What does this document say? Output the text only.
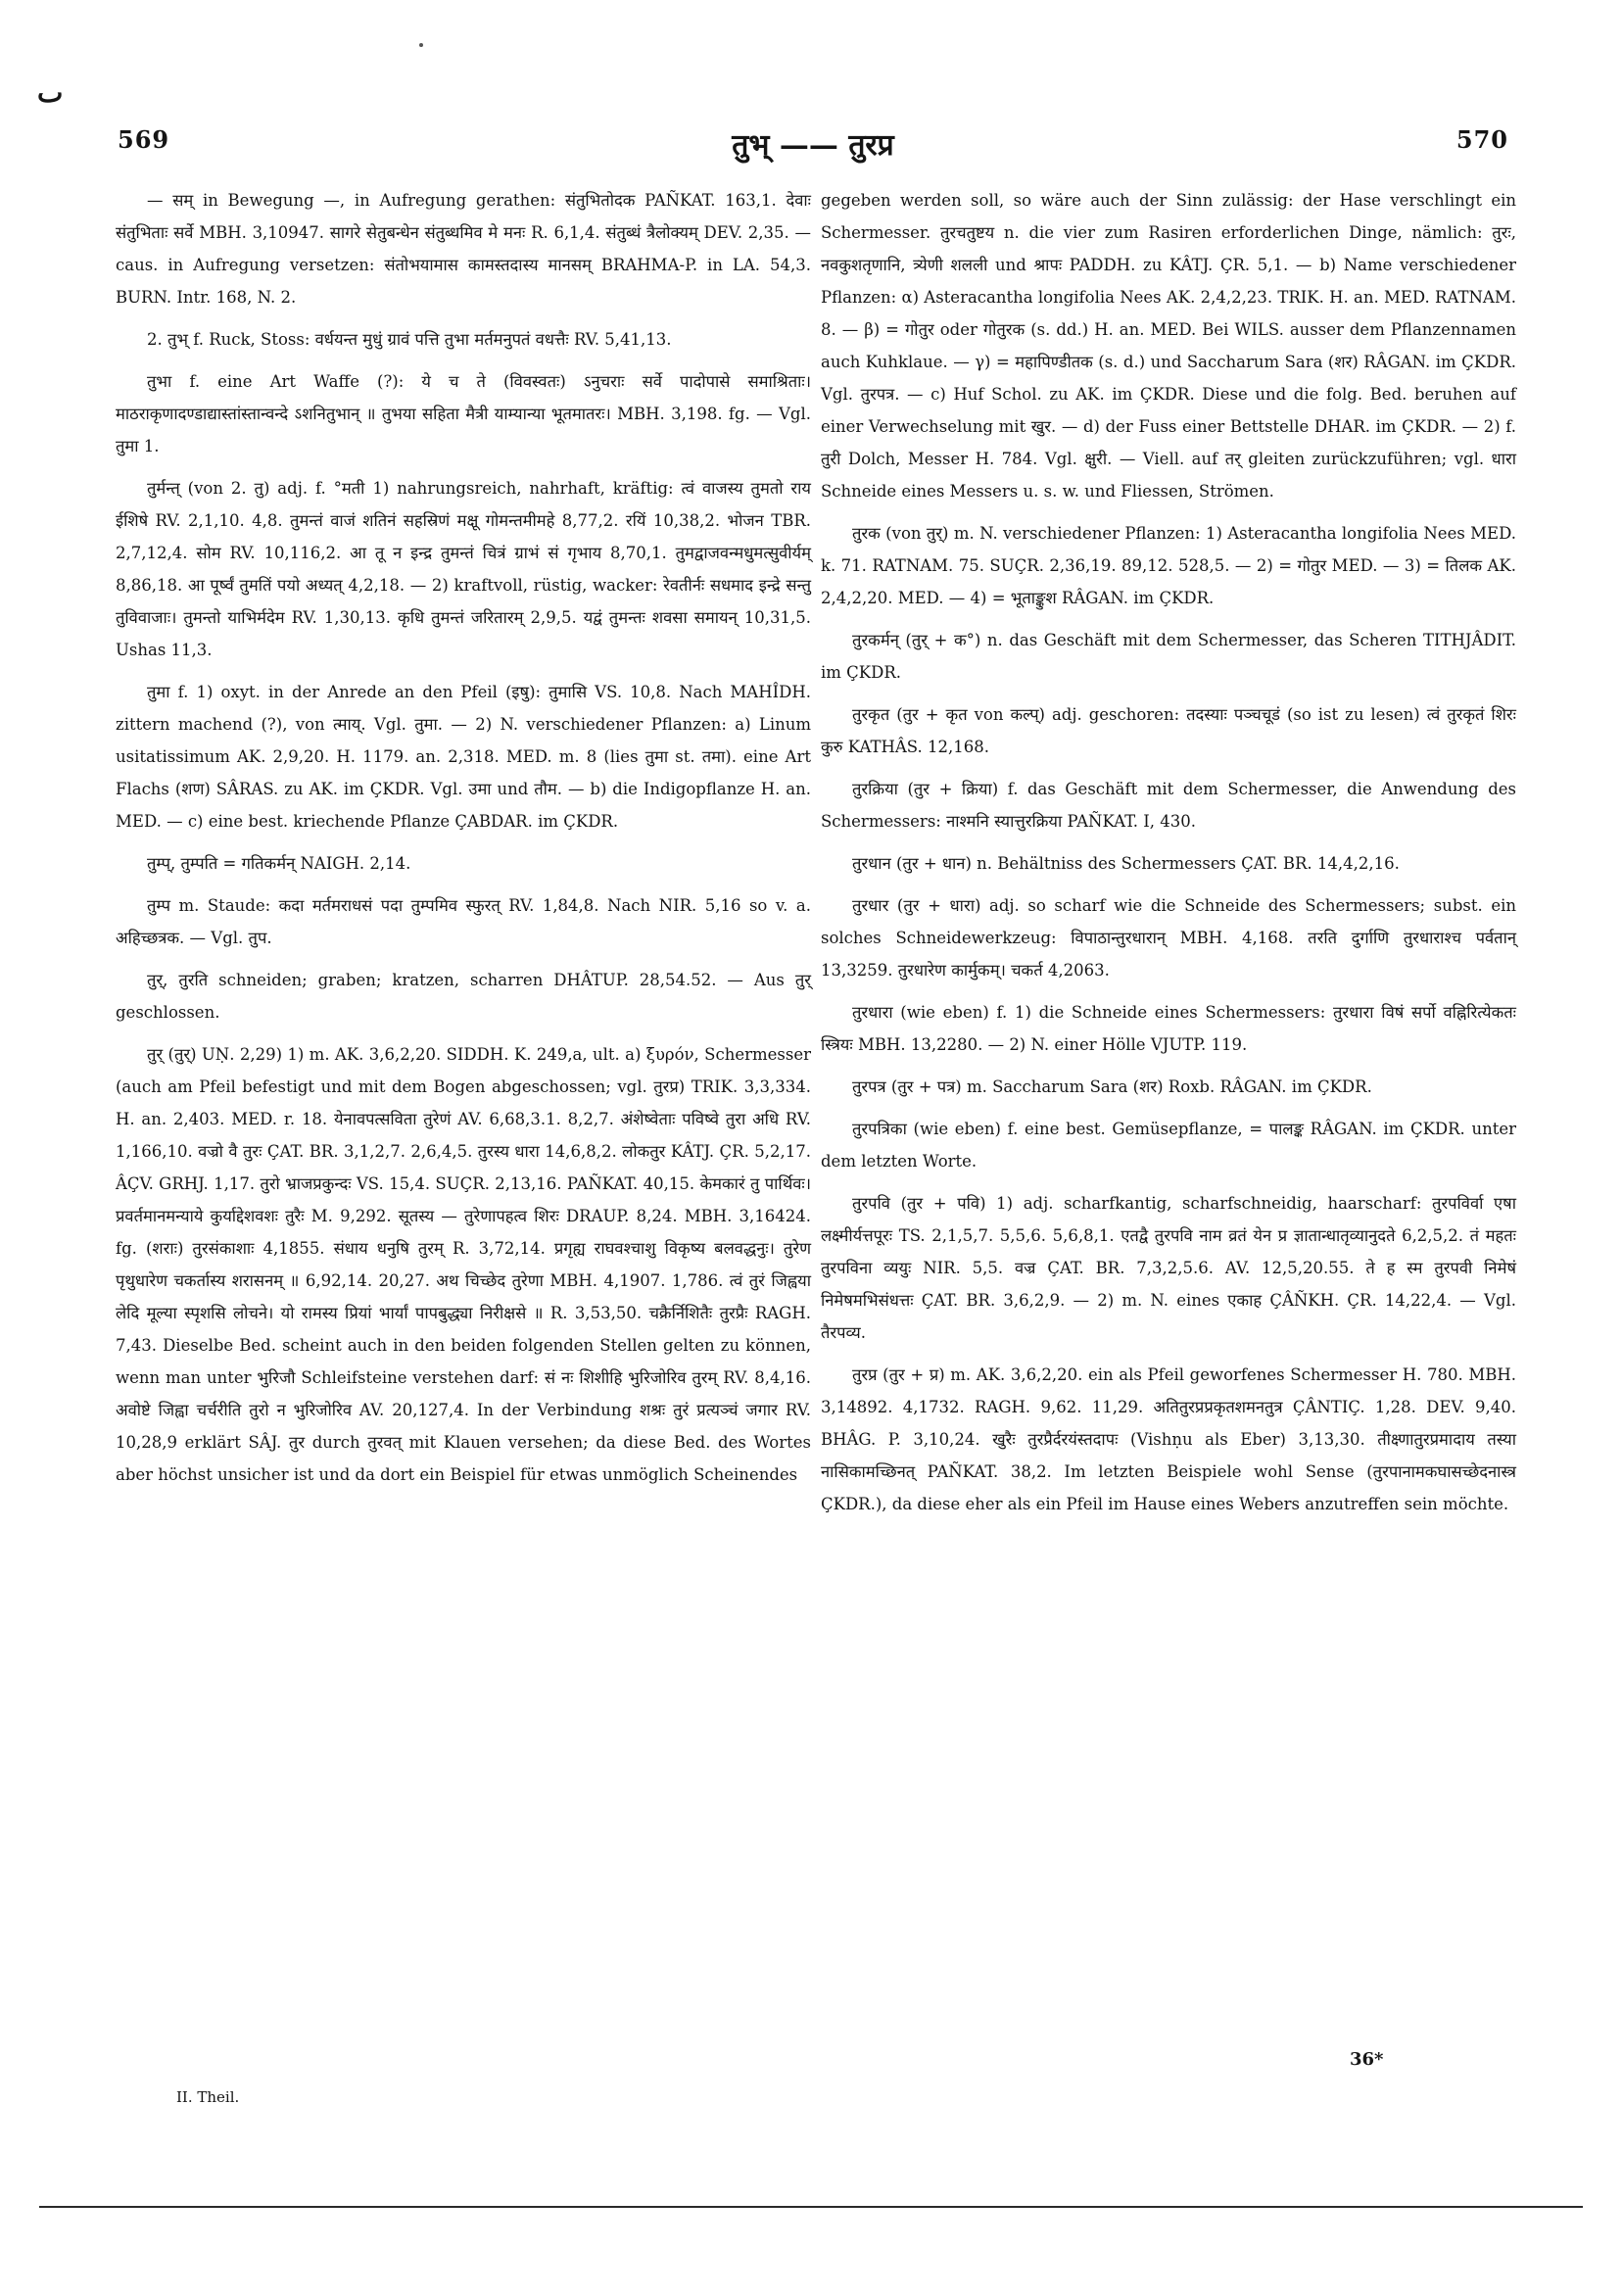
ٮ
569	तुभ् —— तुरप्र	570

— सम् in Bewegung —, in Aufregung gerathen: संतुभितोदक PAÑKAT. 163,1. देवाः संतुभिताः सर्वे MBH. 3,10947. सागरे सेतुबन्धेन संतुब्धमिव मे मनः R. 6,1,4. संतुब्धं त्रैलोक्यम् DEV. 2,35. — caus. in Aufregung versetzen: संतोभयामास कामस्तदास्य मानसम् BRAHMA-P. in LA. 54,3. BURN. Intr. 168, N. 2.

2. तुभ् f. Ruck, Stoss: वर्धयन्त मुधुं ग्रावं पत्ति तुभा मर्तमनुपतं वधत्तैः RV. 5,41,13.

तुभा f. eine Art Waffe (?): ये च ते (विवस्वतः) ऽनुचराः सर्वे पादोपासे समाश्रिताः। माठराकृणादण्डाद्यास्तांस्तान्वन्दे ऽशनितुभान् ॥ तुभया सहिता मैत्री याम्यान्या भूतमातरः। MBH. 3,198. fg. — Vgl. तुमा 1.

तुर्मन्त् (von 2. तु) adj. f. °मती 1) nahrungsreich, nahrhaft, kräftig: त्वं वाजस्य तुमतो राय ईशिषे RV. 2,1,10. 4,8. तुमन्तं वाजं शतिनं सहस्रिणं मक्षू गोमन्तमीमहे 8,77,2. रयिं 10,38,2. भोजन TBR. 2,7,12,4. सोम RV. 10,116,2. आ तू न इन्द्र तुमन्तं चित्रं ग्राभं सं गृभाय 8,70,1. तुमद्वाजवन्मधुमत्सुवीर्यम् 8,86,18. आ पूर्ष्वं तुमतिं पयो अध्यत् 4,2,18. — 2) kraftvoll, rüstig, wacker: रेवतीर्नः सधमाद इन्द्रे सन्तु तुविवाजाः। तुमन्तो याभिर्मदेम RV. 1,30,13. कृधि तुमन्तं जरितारम् 2,9,5. यद्वं तुमन्तः शवसा समायन् 10,31,5. Ushas 11,3.

तुमा f. 1) oxyt. in der Anrede an den Pfeil (इषु): तुमासि VS. 10,8. Nach MAHÎDH. zittern machend (?), von त्माय्. Vgl. तुमा. — 2) N. verschiedener Pflanzen: a) Linum usitatissimum AK. 2,9,20. H. 1179. an. 2,318. MED. m. 8 (lies तुमा st. तमा). eine Art Flachs (शण) SÂRAS. zu AK. im ÇKDR. Vgl. उमा und तौम. — b) die Indigopflanze H. an. MED. — c) eine best. kriechende Pflanze ÇABDAR. im ÇKDR.

तुम्प्, तुम्पति = गतिकर्मन् NAIGH. 2,14.

तुम्प m. Staude: कदा मर्तमराधसं पदा तुम्पमिव स्फुरत् RV. 1,84,8. Nach NIR. 5,16 so v. a. अहिच्छत्रक. — Vgl. तुप.

तुर्, तुरति schneiden; graben; kratzen, scharren DHÂTUP. 28,54.52. — Aus तुर् geschlossen.

तुर् (तुर्) UṆ. 2,29) 1) m. AK. 3,6,2,20. SIDDH. K. 249,a, ult. a) ξυρόν, Schermesser (auch am Pfeil befestigt und mit dem Bogen abgeschossen; vgl. तुरप्र) TRIK. 3,3,334. H. an. 2,403. MED. r. 18. येनावपत्सविता तुरेणं AV. 6,68,3.1. 8,2,7. अंशेष्वेताः पविष्वे तुरा अधि RV. 1,166,10. वज्रो वै तुरः ÇAT. BR. 3,1,2,7. 2,6,4,5. तुरस्य धारा 14,6,8,2. लोकतुर KÂTJ. ÇR. 5,2,17. ÂÇV. GRHJ. 1,17. तुरो भ्राजप्रकुन्दः VS. 15,4. SUÇR. 2,13,16. PAÑKAT. 40,15. केमकारं तु पार्थिवः। प्रवर्तमानमन्याये कुर्याद्देशवशः तुरैः M. 9,292. सूतस्य — तुरेणापहत्व शिरः DRAUP. 8,24. MBH. 3,16424. fg. (शराः) तुरसंकाशाः 4,1855. संधाय धनुषि तुरम् R. 3,72,14. प्रगृह्य राघवश्चाशु विकृष्य बलवद्धनुः। तुरेण पृथुधारेण चकर्तास्य शरासनम् ॥ 6,92,14. 20,27. अथ चिच्छेद तुरेणा MBH. 4,1907. 1,786. त्वं तुरं जिह्वया लेदि मूल्या स्पृशसि लोचने। यो रामस्य प्रियां भार्यां पापबुद्ध्या निरीक्षसे ॥ R. 3,53,50. चक्रैर्निशितैः तुरप्रैः RAGH. 7,43. Dieselbe Bed. scheint auch in den beiden folgenden Stellen gelten zu können, wenn man unter भुरिजौ Schleifsteine verstehen darf: सं नः शिशीहि भुरिजोरिव तुरम् RV. 8,4,16. अवोष्टे जिह्वा चर्चरीति तुरो न भुरिजोरिव AV. 20,127,4. In der Verbindung शश्रः तुरं प्रत्यञ्चं जगार RV. 10,28,9 erklärt SÂJ. तुर durch तुरवत् mit Klauen versehen; da diese Bed. des Wortes aber höchst unsicher ist und da dort ein Beispiel für etwas unmöglich Scheinendes

gegeben werden soll, so wäre auch der Sinn zulässig: der Hase verschlingt ein Schermesser. तुरचतुष्टय n. die vier zum Rasiren erforderlichen Dinge, nämlich: तुरः, नवकुशतृणानि, त्र्येणी शलली und श्रापः PADDH. zu KÂTJ. ÇR. 5,1. — b) Name verschiedener Pflanzen: α) Asteracantha longifolia Nees AK. 2,4,2,23. TRIK. H. an. MED. RATNAM. 8. — β) = गोतुर oder गोतुरक (s. dd.) H. an. MED. Bei WILS. ausser dem Pflanzennamen auch Kuhklaue. — γ) = महापिण्डीतक (s. d.) und Saccharum Sara (शर) RÂGAN. im ÇKDR. Vgl. तुरपत्र. — c) Huf Schol. zu AK. im ÇKDR. Diese und die folg. Bed. beruhen auf einer Verwechselung mit खुर. — d) der Fuss einer Bettstelle DHAR. im ÇKDR. — 2) f. तुरी Dolch, Messer H. 784. Vgl. क्षुरी. — Viell. auf तर् gleiten zurückzuführen; vgl. धारा Schneide eines Messers u. s. w. und Fliessen, Strömen.

तुरक (von तुर्) m. N. verschiedener Pflanzen: 1) Asteracantha longifolia Nees MED. k. 71. RATNAM. 75. SUÇR. 2,36,19. 89,12. 528,5. — 2) = गोतुर MED. — 3) = तिलक AK. 2,4,2,20. MED. — 4) = भूताङ्कुश RÂGAN. im ÇKDR.

तुरकर्मन् (तुर् + क°) n. das Geschäft mit dem Schermesser, das Scheren TITHJÂDIT. im ÇKDR.

तुरकृत (तुर + कृत von कल्प्) adj. geschoren: तदस्याः पञ्चचूडं (so ist zu lesen) त्वं तुरकृतं शिरः कुरु KATHÂS. 12,168.

तुरक्रिया (तुर + क्रिया) f. das Geschäft mit dem Schermesser, die Anwendung des Schermessers: नाश्मनि स्यात्तुरक्रिया PAÑKAT. I, 430.

तुरधान (तुर + धान) n. Behältniss des Schermessers ÇAT. BR. 14,4,2,16.

तुरधार (तुर + धारा) adj. so scharf wie die Schneide des Schermessers; subst. ein solches Schneidewerkzeug: विपाठान्तुरधारान् MBH. 4,168. तरति दुर्गाणि तुरधाराश्च पर्वतान् 13,3259. तुरधारेण कार्मुकम्। चकर्त 4,2063.

तुरधारा (wie eben) f. 1) die Schneide eines Schermessers: तुरधारा विषं सर्पो वह्निरित्येकतः स्त्रियः MBH. 13,2280. — 2) N. einer Hölle VJUTP. 119.

तुरपत्र (तुर + पत्र) m. Saccharum Sara (शर) Roxb. RÂGAN. im ÇKDR.

तुरपत्रिका (wie eben) f. eine best. Gemüsepflanze, = पालङ्क RÂGAN. im ÇKDR. unter dem letzten Worte.

तुरपवि (तुर + पवि) 1) adj. scharfkantig, scharfschneidig, haarscharf: तुरपविर्वा एषा लक्ष्मीर्यत्तपूरः TS. 2,1,5,7. 5,5,6. 5,6,8,1. एतद्वै तुरपवि नाम व्रतं येन प्र ज्ञातान्धातृव्यानुदते 6,2,5,2. तं महतः तुरपविना व्ययुः NIR. 5,5. वज्र ÇAT. BR. 7,3,2,5.6. AV. 12,5,20.55. ते ह स्म तुरपवी निमेषं निमेषमभिसंधत्तः ÇAT. BR. 3,6,2,9. — 2) m. N. eines एकाह ÇÂÑKH. ÇR. 14,22,4. — Vgl. तैरपव्य.

तुरप्र (तुर + प्र) m. AK. 3,6,2,20. ein als Pfeil geworfenes Schermesser H. 780. MBH. 3,14892. 4,1732. RAGH. 9,62. 11,29. अतितुरप्रप्रकृतशमनतुत्र ÇÂNTIÇ. 1,28. DEV. 9,40. BHÂG. P. 3,10,24. खुरैः तुरप्रैर्दरयंस्तदापः (Vishṇu als Eber) 3,13,30. तीक्ष्णातुरप्रमादाय तस्या नासिकामच्छिनत् PAÑKAT. 38,2. Im letzten Beispiele wohl Sense (तुरपानामकघासच्छेदनास्त्र ÇKDR.), da diese eher als ein Pfeil im Hause eines Webers anzutreffen sein möchte.

II. Theil.
36*
